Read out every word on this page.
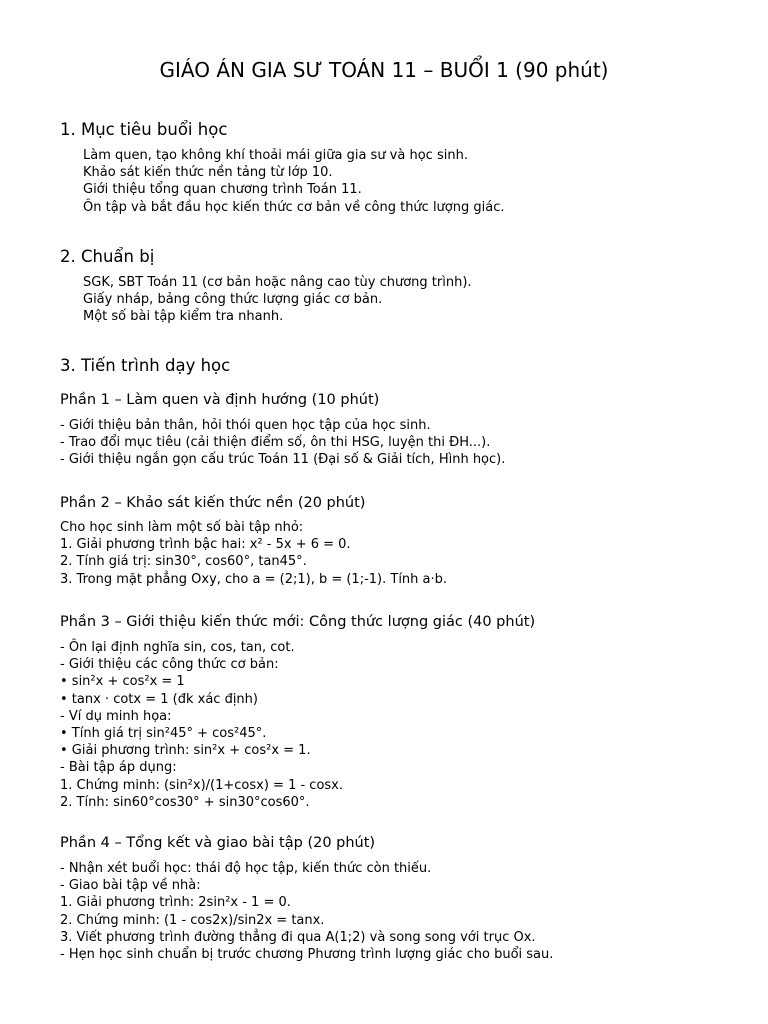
GIÁO ÁN GIA SƯ TOÁN 11 – BUỔI 1 (90 phút)
1. Mục tiêu buổi học
Làm quen, tạo không khí thoải mái giữa gia sư và học sinh.
Khảo sát kiến thức nền tảng từ lớp 10.
Giới thiệu tổng quan chương trình Toán 11.
Ôn tập và bắt đầu học kiến thức cơ bản về công thức lượng giác.
2. Chuẩn bị
SGK, SBT Toán 11 (cơ bản hoặc nâng cao tùy chương trình).
Giấy nháp, bảng công thức lượng giác cơ bản.
Một số bài tập kiểm tra nhanh.
3. Tiến trình dạy học
Phần 1 – Làm quen và định hướng (10 phút)
- Giới thiệu bản thân, hỏi thói quen học tập của học sinh.
- Trao đổi mục tiêu (cải thiện điểm số, ôn thi HSG, luyện thi ĐH...).
- Giới thiệu ngắn gọn cấu trúc Toán 11 (Đại số & Giải tích, Hình học).
Phần 2 – Khảo sát kiến thức nền (20 phút)
Cho học sinh làm một số bài tập nhỏ:
1. Giải phương trình bậc hai: x² - 5x + 6 = 0.
2. Tính giá trị: sin30°, cos60°, tan45°.
3. Trong mặt phẳng Oxy, cho a = (2;1), b = (1;-1). Tính a·b.
Phần 3 – Giới thiệu kiến thức mới: Công thức lượng giác (40 phút)
- Ôn lại định nghĩa sin, cos, tan, cot.
- Giới thiệu các công thức cơ bản:
• sin²x + cos²x = 1
• tanx · cotx = 1 (đk xác định)
- Ví dụ minh họa:
• Tính giá trị sin²45° + cos²45°.
• Giải phương trình: sin²x + cos²x = 1.
- Bài tập áp dụng:
1. Chứng minh: (sin²x)/(1+cosx) = 1 - cosx.
2. Tính: sin60°cos30° + sin30°cos60°.
Phần 4 – Tổng kết và giao bài tập (20 phút)
- Nhận xét buổi học: thái độ học tập, kiến thức còn thiếu.
- Giao bài tập về nhà:
1. Giải phương trình: 2sin²x - 1 = 0.
2. Chứng minh: (1 - cos2x)/sin2x = tanx.
3. Viết phương trình đường thẳng đi qua A(1;2) và song song với trục Ox.
- Hẹn học sinh chuẩn bị trước chương Phương trình lượng giác cho buổi sau.
